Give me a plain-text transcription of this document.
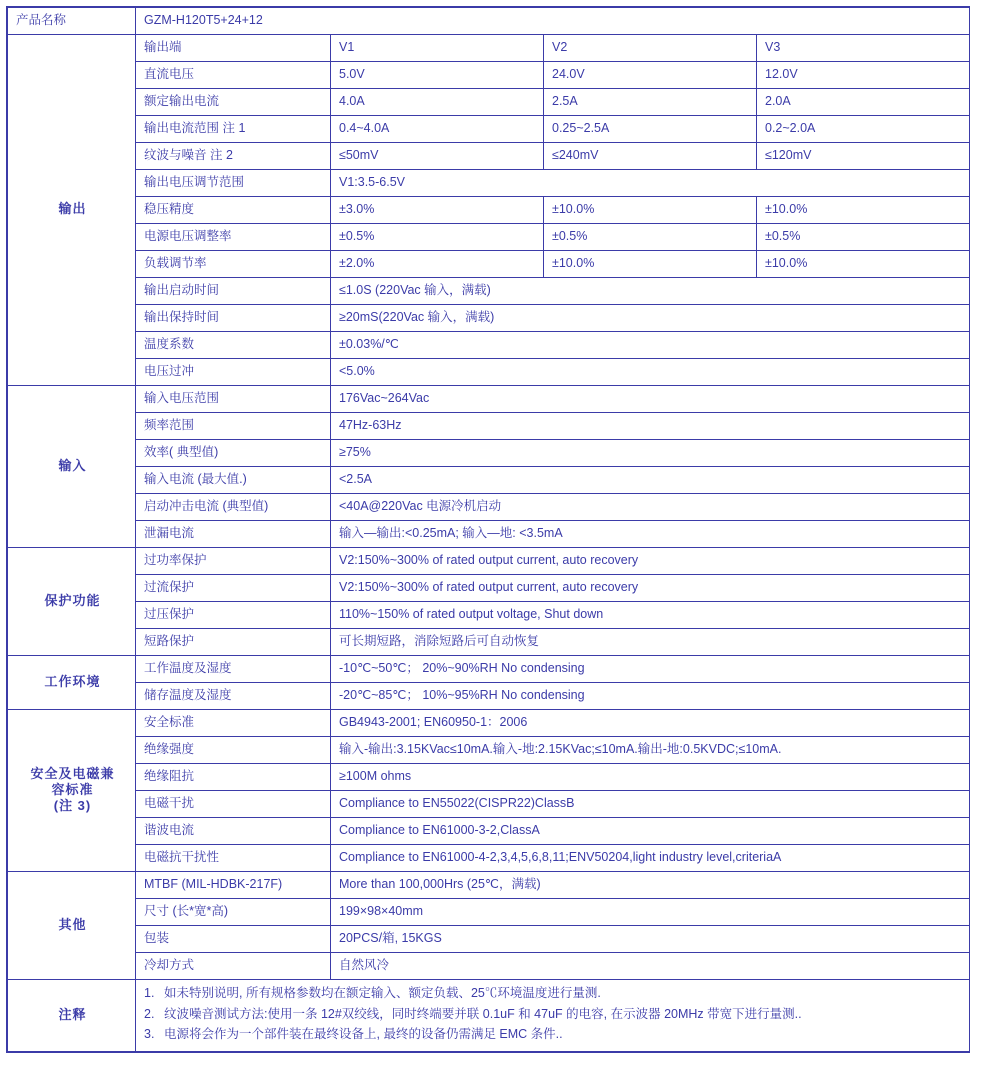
产品名称	GZM-H120T5+24+12			
输出	输出端	V1	V2	V3
	直流电压	5.0V	24.0V	12.0V
	额定输出电流	4.0A	2.5A	2.0A
	输出电流范围 注 1	0.4~4.0A	0.25~2.5A	0.2~2.0A
	纹波与噪音 注 2	≤50mV	≤240mV	≤120mV
	输出电压调节范围	V1:3.5-6.5V		
	稳压精度	±3.0%	±10.0%	±10.0%
	电源电压调整率	±0.5%	±0.5%	±0.5%
	负载调节率	±2.0%	±10.0%	±10.0%
	输出启动时间	≤1.0S (220Vac 输入，满载)		
	输出保持时间	≥20mS(220Vac 输入，满载)		
	温度系数	±0.03%/℃		
	电压过冲	<5.0%		
输入	输入电压范围	176Vac~264Vac		
	频率范围	47Hz-63Hz		
	效率( 典型值)	≥75%		
	输入电流 (最大值.)	<2.5A		
	启动冲击电流 (典型值)	<40A@220Vac 电源冷机启动		
	泄漏电流	输入—输出:<0.25mA; 输入—地: <3.5mA		
保护功能	过功率保护	V2:150%~300% of rated output current, auto recovery		
	过流保护	V2:150%~300% of rated output current, auto recovery		
	过压保护	110%~150% of rated output voltage, Shut down		
	短路保护	可长期短路，消除短路后可自动恢复		
工作环境	工作温度及湿度	-10℃~50℃； 20%~90%RH No condensing		
	储存温度及湿度	-20℃~85℃； 10%~95%RH No condensing		

安全及电磁兼
容标准
(注 3)	安全标准	GB4943-2001; EN60950-1：2006		
	绝缘强度	输入-输出:3.15KVac≤10mA.输入-地:2.15KVac;≤10mA.输出-地:0.5KVDC;≤10mA.		
	绝缘阻抗	≥100M ohms		
	电磁干扰	Compliance to EN55022(CISPR22)ClassB		
	谐波电流	Compliance to EN61000-3-2,ClassA		
	电磁抗干扰性	Compliance to EN61000-4-2,3,4,5,6,8,11;ENV50204,light industry level,criteriaA		
其他	MTBF (MIL-HDBK-217F)	More than 100,000Hrs (25℃，满载)		
	尺寸 (长*宽*高)	199×98×40mm		
	包装	20PCS/箱, 15KGS		
	冷却方式	自然风冷		
注释	
1. 如未特别说明, 所有规格参数均在额定输入、额定负载、25℃环境温度进行量测.
2. 纹波噪音测试方法:使用一条 12#双绞线，同时终端要并联 0.1uF 和 47uF 的电容, 在示波器 20MHz 带宽下进行量测..
3. 电源将会作为一个部件装在最终设备上, 最终的设备仍需满足 EMC 条件..
